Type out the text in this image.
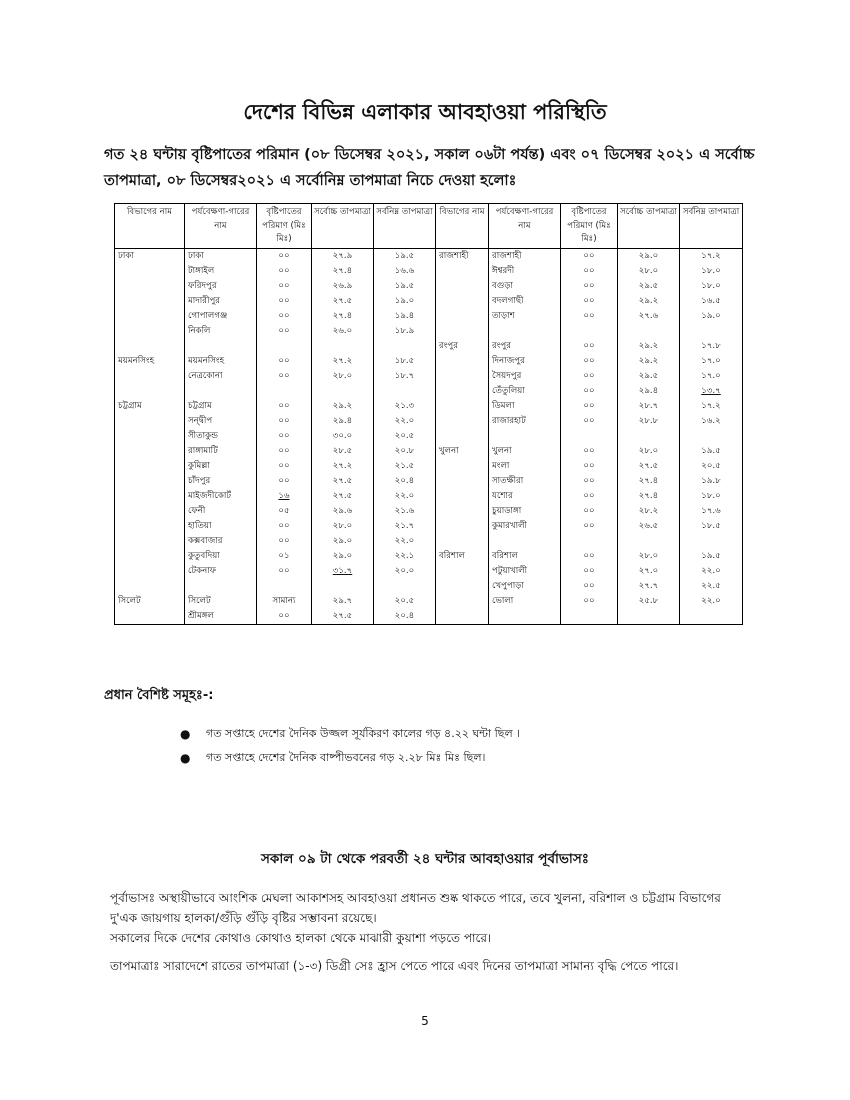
দেশের বিভিন্ন এলাকার আবহাওয়া পরিস্থিতি
গত ২৪ ঘন্টায় বৃষ্টিপাতের পরিমান (০৮ ডিসেম্বর ২০২১, সকাল ০৬টা পর্যন্ত) এবং ০৭ ডিসেম্বর ২০২১ এ সর্বোচ্চ তাপমাত্রা, ০৮ ডিসেম্বর২০২১ এ সর্বোনিম্ন তাপমাত্রা নিচে দেওয়া হলোঃ
বিভাগের নাম	পর্যবেক্ষণা-গারের নাম	বৃষ্টিপাতের পরিমাণ (মিঃ মিঃ)	সর্বোচ্চ তাপমাত্রা	সর্বনিম্ন তাপমাত্রা	বিভাগের নাম	পর্যবেক্ষণা-গারের নাম	বৃষ্টিপাতের পরিমাণ (মিঃ মিঃ)	সর্বোচ্চ তাপমাত্রা	সর্বনিম্ন তাপমাত্রা
ঢাকা	ঢাকা	০০	২৭.৯	১৯.৫	রাজশাহী	রাজশাহী	০০	২৯.০	১৭.২
	টাঙ্গাইল	০০	২৭.৪	১৬.৬		ঈশ্বরদী	০০	২৮.০	১৮.০
	ফরিদপুর	০০	২৬.৯	১৯.৫		বগুড়া	০০	২৯.৫	১৮.০
	মাদারীপুর	০০	২৭.৫	১৯.০		বদলগাছী	০০	২৯.২	১৬.৫
	গোপালগঞ্জ	০০	২৭.৪	১৯.৪		তাড়াশ	০০	২৭.৬	১৯.০
	নিকলি	০০	২৬.০	১৮.৯					
					রংপুর	রংপুর	০০	২৯.২	১৭.৮
ময়মনসিংহ	ময়মনসিংহ	০০	২৭.২	১৮.৫		দিনাজপুর	০০	২৯.২	১৭.০
	নেত্রকোনা	০০	২৮.০	১৮.৭		সৈয়দপুর	০০	২৯.৫	১৭.০
						তেঁতুলিয়া	০০	২৯.৪	১৩.৭
চট্টগ্রাম	চট্টগ্রাম	০০	২৯.২	২১.৩		ডিমলা	০০	২৮.৭	১৭.২
	সন্দ্বীপ	০০	২৯.৪	২২.০		রাজারহাট	০০	২৮.৮	১৬.২
	সীতাকুন্ড	০০	৩০.০	২০.৫					
	রাঙ্গামাটি	০০	২৮.৫	২০.৮	খুলনা	খুলনা	০০	২৮.০	১৯.৫
	কুমিল্লা	০০	২৭.২	২১.৫		মংলা	০০	২৭.৫	২০.৫
	চাঁদপুর	০০	২৭.৫	২০.৪		সাতক্ষীরা	০০	২৭.৪	১৯.৮
	মাইজদীকোর্ট	১৬	২৭.৫	২২.০		যশোর	০০	২৭.৪	১৮.০
	ফেনী	০৫	২৯.৬	২১.৬		চুয়াডাঙ্গা	০০	২৮.২	১৭.৬
	হাতিয়া	০০	২৮.০	২১.৭		কুমারখালী	০০	২৬.৫	১৮.৫
	কক্সবাজার	০০	২৯.০	২২.০					
	কুতুবদিয়া	০১	২৯.০	২২.১	বরিশাল	বরিশাল	০০	২৮.০	১৯.৫
	টেকনাফ	০০	৩১.৭	২০.০		পটুয়াখালী	০০	২৭.০	২২.০
						খেপুপাড়া	০০	২৭.৭	২২.৫
সিলেট	সিলেট	সামান্য	২৯.৭	২০.৫		ভোলা	০০	২৫.৮	২২.০
	শ্রীমঙ্গল	০০	২৭.৫	২০.৪					
প্রধান বৈশিষ্ট সমূহঃ-:
● গত সপ্তাহে দেশের দৈনিক উজ্জল সূর্যকিরণ কালের গড় ৪.২২ ঘন্টা ছিল ।
● গত সপ্তাহে দেশের দৈনিক বাষ্পীভবনের গড় ২.২৮ মিঃ মিঃ ছিল।
সকাল ০৯ টা থেকে পরবর্তী ২৪ ঘন্টার আবহাওয়ার পূর্বাভাসঃ
পূর্বাভাসঃ অস্থায়ীভাবে আংশিক মেঘলা আকাশসহ আবহাওয়া প্রধানত শুষ্ক থাকতে পারে, তবে খুলনা, বরিশাল ও চট্টগ্রাম বিভাগের দু'এক জায়গায় হালকা/গুঁড়ি গুঁড়ি বৃষ্টির সম্ভাবনা রয়েছে।
সকালের দিকে দেশের কোথাও কোথাও হালকা থেকে মাঝারী কুয়াশা পড়তে পারে।
তাপমাত্রাঃ সারাদেশে রাতের তাপমাত্রা (১-৩) ডিগ্রী সেঃ হ্রাস পেতে পারে এবং দিনের তাপমাত্রা সামান্য বৃদ্ধি পেতে পারে।
5
